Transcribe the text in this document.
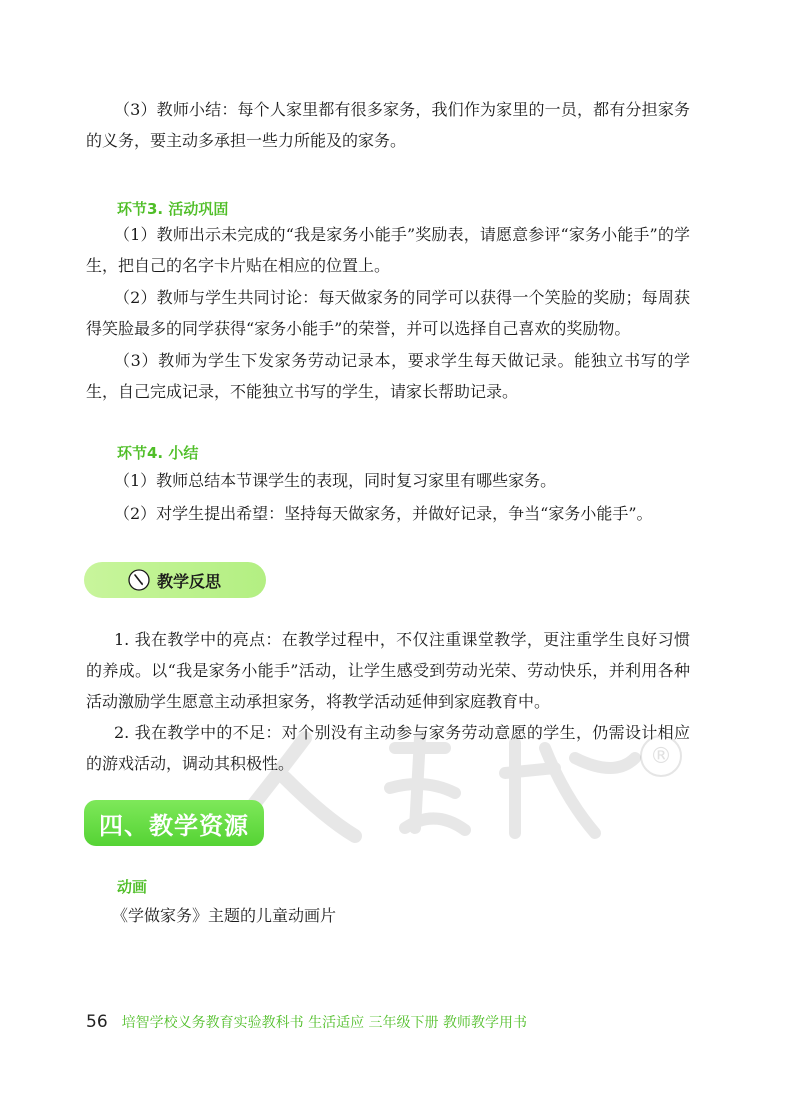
®

（3）教师小结：每个人家里都有很多家务，我们作为家里的一员，都有分担家务的义务，要主动多承担一些力所能及的家务。

环节3. 活动巩固

（1）教师出示未完成的“我是家务小能手”奖励表，请愿意参评“家务小能手”的学生，把自己的名字卡片贴在相应的位置上。

（2）教师与学生共同讨论：每天做家务的同学可以获得一个笑脸的奖励；每周获得笑脸最多的同学获得“家务小能手”的荣誉，并可以选择自己喜欢的奖励物。

（3）教师为学生下发家务劳动记录本，要求学生每天做记录。能独立书写的学生，自己完成记录，不能独立书写的学生，请家长帮助记录。

环节4. 小结

（1）教师总结本节课学生的表现，同时复习家里有哪些家务。

（2）对学生提出希望：坚持每天做家务，并做好记录，争当“家务小能手”。

教学反思

1. 我在教学中的亮点：在教学过程中，不仅注重课堂教学，更注重学生良好习惯的养成。以“我是家务小能手”活动，让学生感受到劳动光荣、劳动快乐，并利用各种活动激励学生愿意主动承担家务，将教学活动延伸到家庭教育中。

2. 我在教学中的不足：对个别没有主动参与家务劳动意愿的学生，仍需设计相应的游戏活动，调动其积极性。

四、教学资源
动画

《学做家务》主题的儿童动画片

56 培智学校义务教育实验教科书 生活适应 三年级下册 教师教学用书
